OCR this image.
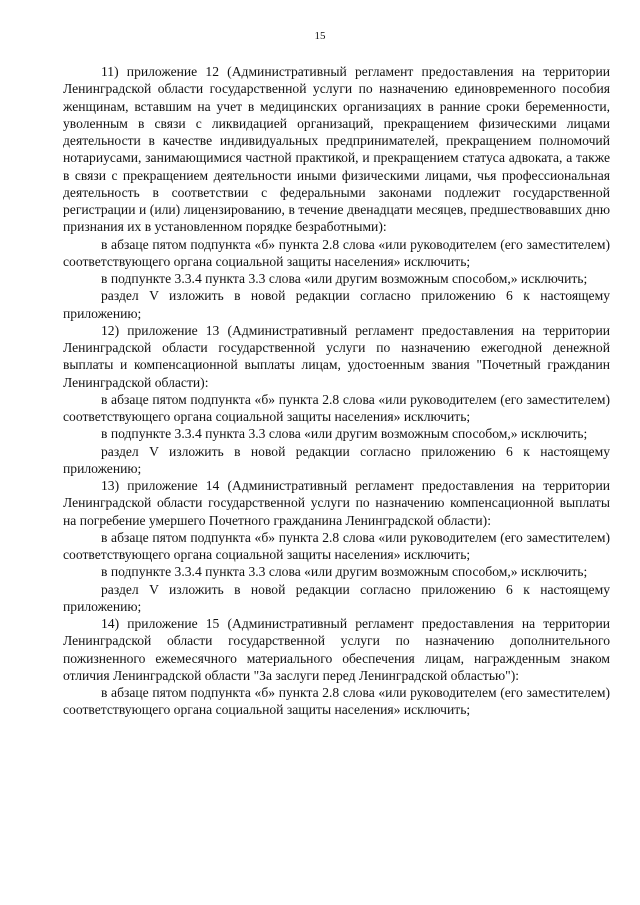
15

11) приложение 12 (Административный регламент предоставления на территории Ленинградской области государственной услуги по назначению единовременного пособия женщинам, вставшим на учет в медицинских организациях в ранние сроки беременности, уволенным в связи с ликвидацией организаций, прекращением физическими лицами деятельности в качестве индивидуальных предпринимателей, прекращением полномочий нотариусами, занимающимися частной практикой, и прекращением статуса адвоката, а также в связи с прекращением деятельности иными физическими лицами, чья профессиональная деятельность в соответствии с федеральными законами подлежит государственной регистрации и (или) лицензированию, в течение двенадцати месяцев, предшествовавших дню признания их в установленном порядке безработными):

в абзаце пятом подпункта «б» пункта 2.8 слова «или руководителем (его заместителем) соответствующего органа социальной защиты населения» исключить;

в подпункте 3.3.4 пункта 3.3 слова «или другим возможным способом,» исключить;

раздел V изложить в новой редакции согласно приложению 6 к настоящему приложению;

12) приложение 13 (Административный регламент предоставления на территории Ленинградской области государственной услуги по назначению ежегодной денежной выплаты и компенсационной выплаты лицам, удостоенным звания "Почетный гражданин Ленинградской области):

в абзаце пятом подпункта «б» пункта 2.8 слова «или руководителем (его заместителем) соответствующего органа социальной защиты населения» исключить;

в подпункте 3.3.4 пункта 3.3 слова «или другим возможным способом,» исключить;

раздел V изложить в новой редакции согласно приложению 6 к настоящему приложению;

13) приложение 14 (Административный регламент предоставления на территории Ленинградской области государственной услуги по назначению компенсационной выплаты на погребение умершего Почетного гражданина Ленинградской области):

в абзаце пятом подпункта «б» пункта 2.8 слова «или руководителем (его заместителем) соответствующего органа социальной защиты населения» исключить;

в подпункте 3.3.4 пункта 3.3 слова «или другим возможным способом,» исключить;

раздел V изложить в новой редакции согласно приложению 6 к настоящему приложению;

14) приложение 15 (Административный регламент предоставления на территории Ленинградской области государственной услуги по назначению дополнительного пожизненного ежемесячного материального обеспечения лицам, награжденным знаком отличия Ленинградской области "За заслуги перед Ленинградской областью"):

в абзаце пятом подпункта «б» пункта 2.8 слова «или руководителем (его заместителем) соответствующего органа социальной защиты населения» исключить;
